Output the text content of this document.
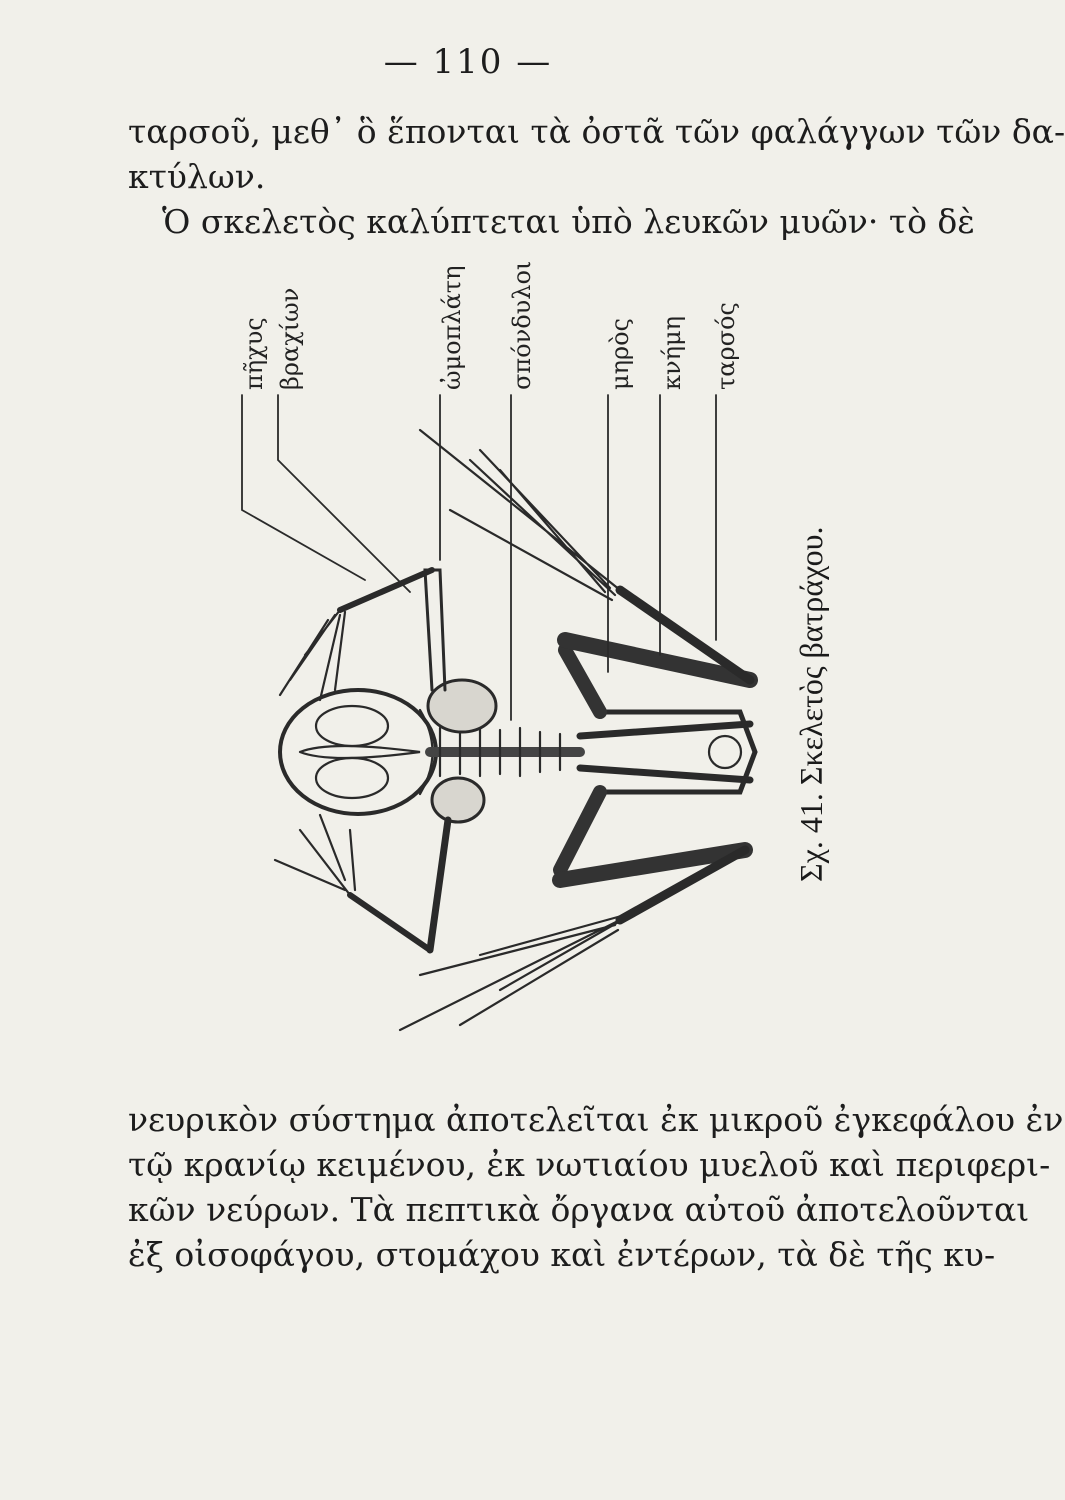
— 110 —
ταρσοῦ, μεθ᾽ ὃ ἕπονται τὰ ὀστᾶ τῶν φαλάγγων τῶν δα-
κτύλων.
Ὁ σκελετὸς καλύπτεται ὑπὸ λευκῶν μυῶν· τὸ δὲ
πῆχυς βραχίων	ὠμοπλάτη σπόνδυλοι	μηρὸς κνήμη ταρσός
Σχ. 41. Σκελετὸς βατράχου.
νευρικὸν σύστημα ἀποτελεῖται ἐκ μικροῦ ἐγκεφάλου ἐν
τῷ κρανίῳ κειμένου, ἐκ νωτιαίου μυελοῦ καὶ περιφερι-
κῶν νεύρων. Τὰ πεπτικὰ ὄργανα αὐτοῦ ἀποτελοῦνται
ἐξ οἰσοφάγου, στομάχου καὶ ἐντέρων, τὰ δὲ τῆς κυ-
